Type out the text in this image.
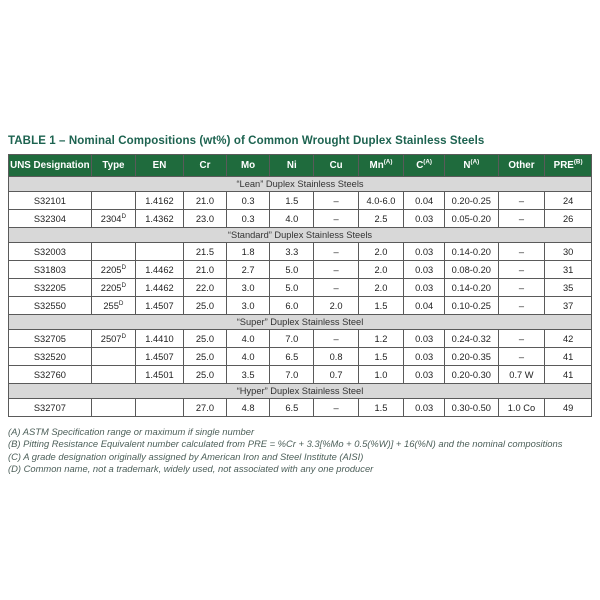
TABLE 1 – Nominal Compositions (wt%) of Common Wrought Duplex Stainless Steels
UNS Designation	Type	EN	Cr	Mo	Ni	Cu	$Mn^{(A)}$	$C^{(A)}$	$N^{(A)}$	Other	$PRE^{(B)}$
“Lean” Duplex Stainless Steels											
S32101		1.4162	21.0	0.3	1.5	–	4.0-6.0	0.04	0.20-0.25	–	24
S32304	$2304^D$	1.4362	23.0	0.3	4.0	–	2.5	0.03	0.05-0.20	–	26
“Standard” Duplex Stainless Steels											
S32003			21.5	1.8	3.3	–	2.0	0.03	0.14-0.20	–	30
S31803	$2205^D$	1.4462	21.0	2.7	5.0	–	2.0	0.03	0.08-0.20	–	31
S32205	$2205^D$	1.4462	22.0	3.0	5.0	–	2.0	0.03	0.14-0.20	–	35
S32550	$255^D$	1.4507	25.0	3.0	6.0	2.0	1.5	0.04	0.10-0.25	–	37
“Super” Duplex Stainless Steel											
S32705	$2507^D$	1.4410	25.0	4.0	7.0	–	1.2	0.03	0.24-0.32	–	42
S32520		1.4507	25.0	4.0	6.5	0.8	1.5	0.03	0.20-0.35	–	41
S32760		1.4501	25.0	3.5	7.0	0.7	1.0	0.03	0.20-0.30	0.7 W	41
“Hyper” Duplex Stainless Steel											
S32707			27.0	4.8	6.5	–	1.5	0.03	0.30-0.50	1.0 Co	49
(A) ASTM Specification range or maximum if single number
(B) Pitting Resistance Equivalent number calculated from PRE = %Cr + 3.3[%Mo + 0.5(%W)] + 16(%N) and the nominal compositions
(C) A grade designation originally assigned by American Iron and Steel Institute (AISI)
(D) Common name, not a trademark, widely used, not associated with any one producer
